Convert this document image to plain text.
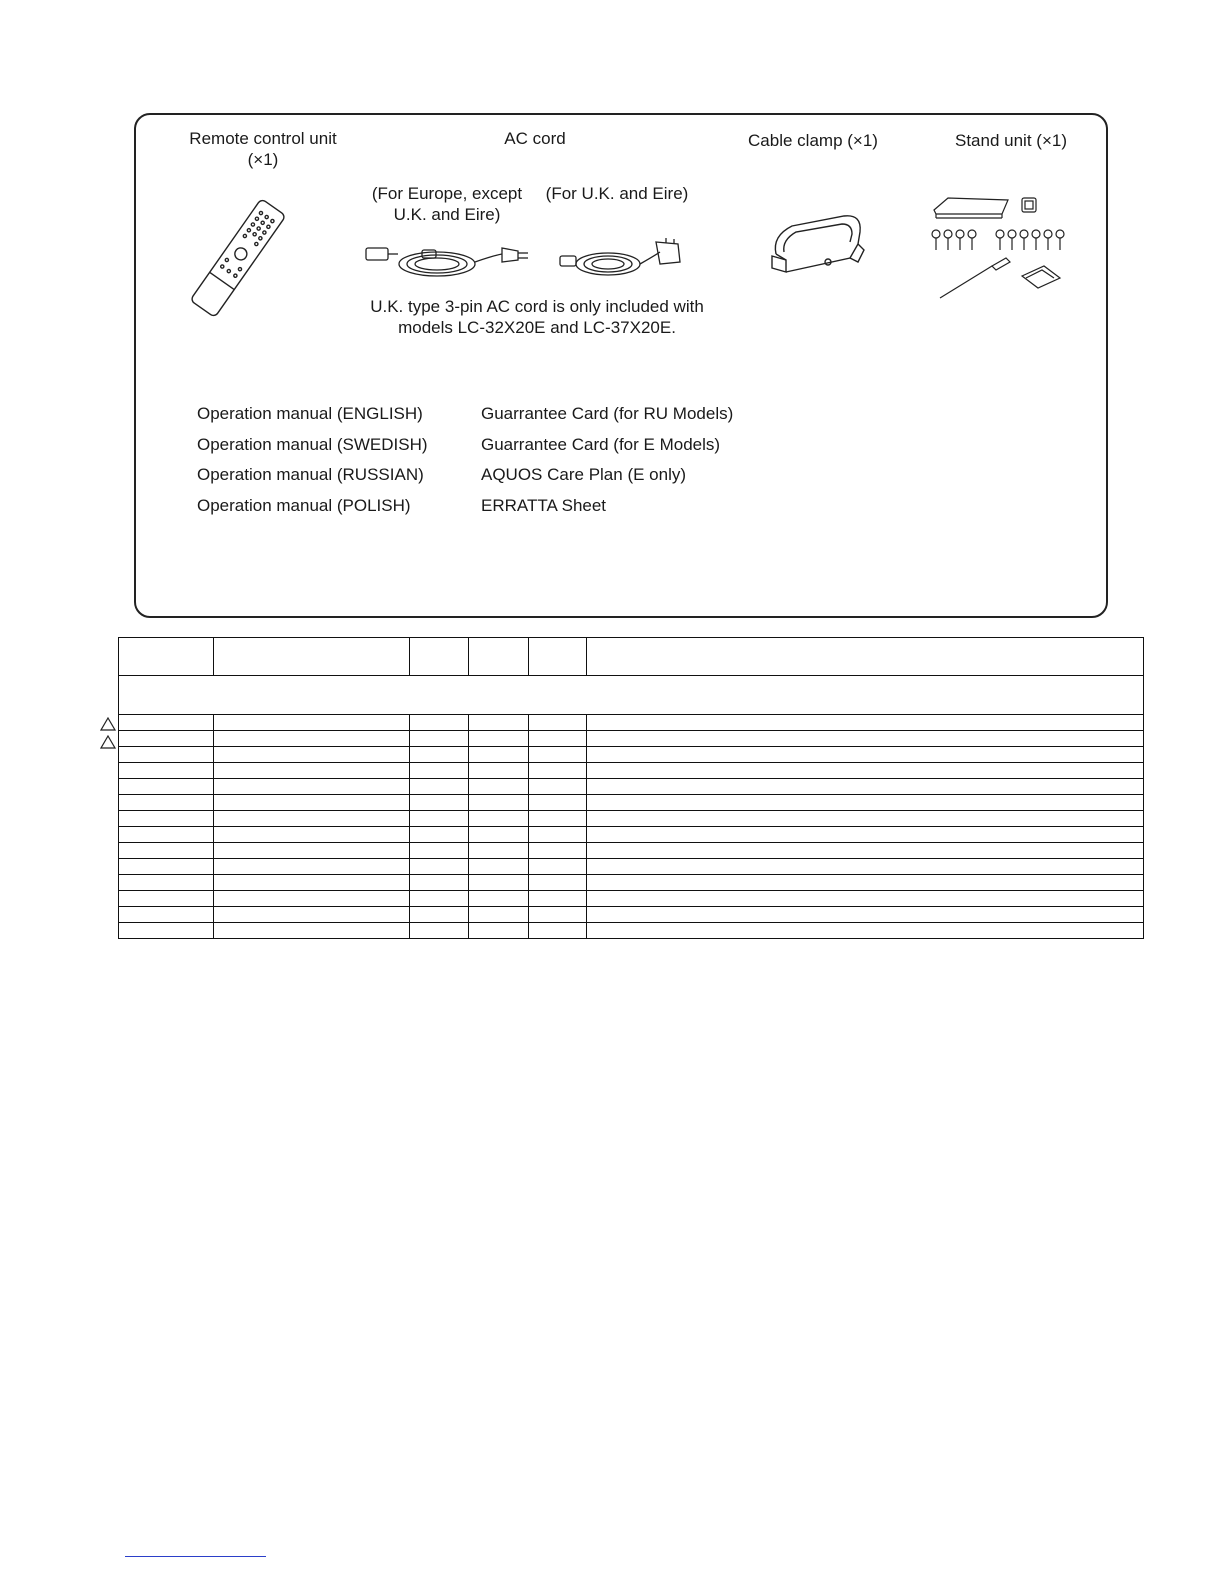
Remote control unit
(×1)
AC cord
(For Europe, except
U.K. and Eire)
(For U.K. and Eire)
U.K. type 3-pin AC cord is only included with
models LC-32X20E and LC-37X20E.
Cable clamp (×1)	Stand unit (×1)
Operation manual (ENGLISH)
Operation manual (SWEDISH)
Operation manual (RUSSIAN)
Operation manual (POLISH)
Guarrantee Card (for RU Models)
Guarrantee Card (for E Models)
AQUOS Care Plan (E only)
ERRATTA Sheet
